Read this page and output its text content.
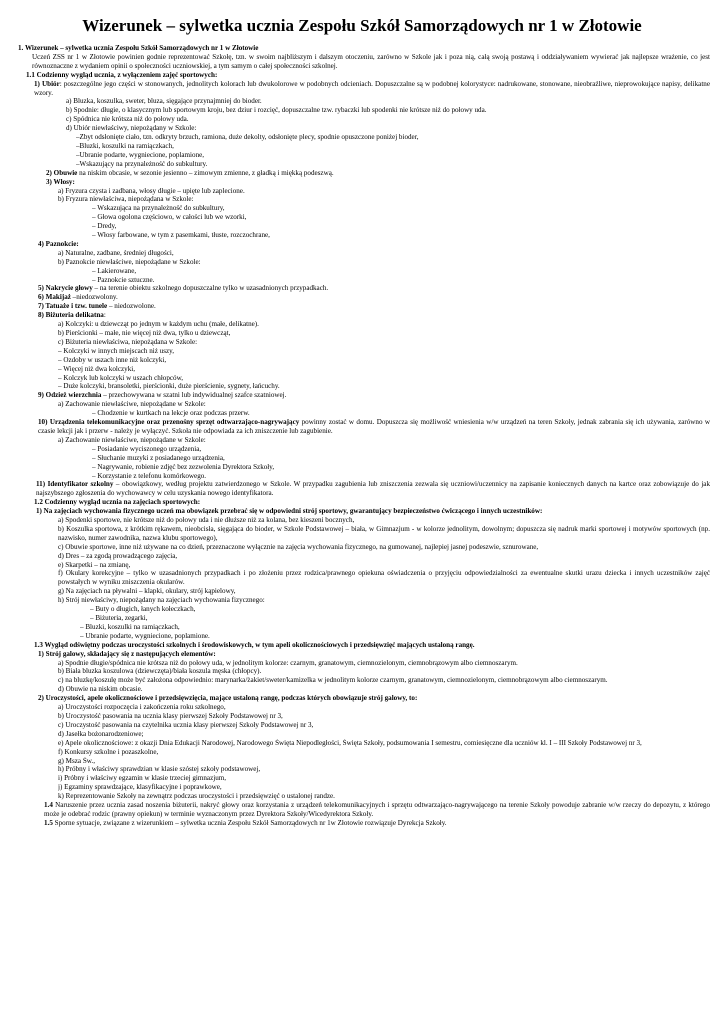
Wizerunek – sylwetka ucznia Zespołu Szkół Samorządowych nr 1 w Złotowie
1. Wizerunek – sylwetka ucznia Zespołu Szkół Samorządowych nr 1 w Złotowie
Uczeń ZSS nr 1 w Złotowie powinien godnie reprezentować Szkołę, tzn. w swoim najbliższym i dalszym otoczeniu, zarówno w Szkole jak i poza nią, całą swoją postawą i oddziaływaniem wywierać jak najlepsze wrażenie, co jest równoznaczne z wydaniem opinii o społeczności uczniowskiej, a tym samym o całej społeczności szkolnej.
1.1 Codzienny wygląd ucznia, z wyłączeniem zajęć sportowych:
1) Ubiór: poszczególne jego części w stonowanych, jednolitych kolorach lub dwukolorowe w podobnych odcieniach. Dopuszczalne są w podobnej kolorystyce: nadrukowane, stonowane, nieobraźliwe, nieprowokujące napisy, delikatne wzory.
a) Bluzka, koszulka, sweter, bluza, sięgające przynajmniej do bioder.
b) Spodnie: długie, o klasycznym lub sportowym kroju, bez dziur i rozcięć, dopuszczalne tzw. rybaczki lub spodenki nie krótsze niż do połowy uda.
c) Spódnica nie krótsza niż do połowy uda.
d) Ubiór niewłaściwy, niepożądany w Szkole:
–Zbyt odsłonięte ciało, tzn. odkryty brzuch, ramiona, duże dekolty, odsłonięte plecy, spodnie opuszczone poniżej bioder,
–Bluzki, koszulki na ramiączkach,
–Ubranie podarte, wygniecione, poplamione,
–Wskazujący na przynależność do subkultury.
2) Obuwie na niskim obcasie, w sezonie jesienno – zimowym zmienne, z gładką i miękką podeszwą.
3) Włosy:
a) Fryzura czysta i zadbana, włosy długie – upięte lub zaplecione.
b) Fryzura niewłaściwa, niepożądana w Szkole:
– Wskazująca na przynależność do subkultury,
– Głowa ogolona częściowo, w całości lub we wzorki,
– Dredy,
– Włosy farbowane, w tym z pasemkami, tłuste, rozczochrane,
4) Paznokcie:
a) Naturalne, zadbane, średniej długości,
b) Paznokcie niewłaściwe, niepożądane w Szkole:
– Lakierowane,
– Paznokcie sztuczne.
5) Nakrycie głowy – na terenie obiektu szkolnego dopuszczalne tylko w uzasadnionych przypadkach.
6) Makijaż –niedozwolony.
7) Tatuaże i tzw. tunele – niedozwolone.
8) Biżuteria delikatna:
a) Kolczyki: u dziewcząt po jednym w każdym uchu (małe, delikatne).
b) Pierścionki – małe, nie więcej niż dwa, tylko u dziewcząt,
c) Biżuteria niewłaściwa, niepożądana w Szkole:
– Kolczyki w innych miejscach niż uszy,
– Ozdoby w uszach inne niż kolczyki,
– Więcej niż dwa kolczyki,
– Kolczyk lub kolczyki w uszach chłopców,
– Duże kolczyki, bransoletki, pierścionki, duże pierścienie, sygnety, łańcuchy.
9) Odzież wierzchnia – przechowywana w szatni lub indywidualnej szafce szatniowej.
a) Zachowanie niewłaściwe, niepożądane w Szkole:
– Chodzenie w kurtkach na lekcje oraz podczas przerw.
10) Urządzenia telekomunikacyjne oraz przenośny sprzęt odtwarzająco-nagrywający powinny zostać w domu. Dopuszcza się możliwość wniesienia w/w urządzeń na teren Szkoły, jednak zabrania się ich używania, zarówno w czasie lekcji jak i przerw - należy je wyłączyć. Szkoła nie odpowiada za ich zniszczenie lub zagubienie.
a) Zachowanie niewłaściwe, niepożądane w Szkole:
– Posiadanie wyciszonego urządzenia,
– Słuchanie muzyki z posiadanego urządzenia,
– Nagrywanie, robienie zdjęć bez zezwolenia Dyrektora Szkoły,
– Korzystanie z telefonu komórkowego.
11) Identyfikator szkolny – obowiązkowy, według projektu zatwierdzonego w Szkole. W przypadku zagubienia lub zniszczenia zezwala się uczniowi/uczennicy na zapisanie koniecznych danych na kartce oraz zobowiązuje do jak najszybszego zgłoszenia do wychowawcy w celu uzyskania nowego identyfikatora.
1.2 Codzienny wygląd ucznia na zajęciach sportowych:
1) Na zajęciach wychowania fizycznego uczeń ma obowiązek przebrać się w odpowiedni strój sportowy, gwarantujący bezpieczeństwo ćwiczącego i innych uczestników:
a) Spodenki sportowe, nie krótsze niż do połowy uda i nie dłuższe niż za kolana, bez kieszeni bocznych,
b) Koszulka sportowa, z krótkim rękawem, nieobcisła, sięgająca do bioder, w Szkole Podstawowej – biała, w Gimnazjum - w kolorze jednolitym, dowolnym; dopuszcza się nadruk marki sportowej i motywów sportowych (np. nazwisko, numer zawodnika, nazwa klubu sportowego),
c) Obuwie sportowe, inne niż używane na co dzień, przeznaczone wyłącznie na zajęcia wychowania fizycznego, na gumowanej, najlepiej jasnej podeszwie, sznurowane,
d) Dres – za zgodą prowadzącego zajęcia,
e) Skarpetki – na zmianę,
f) Okulary korekcyjne – tylko w uzasadnionych przypadkach i po złożeniu przez rodzica/prawnego opiekuna oświadczenia o przyjęciu odpowiedzialności za ewentualne skutki urazu dziecka i innych uczestników zajęć powstałych w wyniku zniszczenia okularów.
g) Na zajęciach na pływalni – klapki, okulary, strój kąpielowy,
h) Strój niewłaściwy, niepożądany na zajęciach wychowania fizycznego:
– Buty o długich, łanych kołeczkach,
– Biżuteria, zegarki,
– Bluzki, koszulki na ramiączkach,
– Ubranie podarte, wygniecione, poplamione.
1.3 Wygląd odświętny podczas uroczystości szkolnych i środowiskowych, w tym apeli okolicznościowych i przedsięwzięć mających ustaloną rangę.
1) Strój galowy, składający się z następujących elementów:
a) Spodnie długie/spódnica nie krótsza niż do połowy uda, w jednolitym kolorze: czarnym, granatowym, ciemnozielonym, ciemnobrązowym albo ciemnoszarym.
b) Biała bluzka koszulowa (dziewczęta)/biała koszula męska (chłopcy).
c) na bluzkę/koszulę może być założona odpowiednio: marynarka/żakiet/sweter/kamizelka w jednolitym kolorze czarnym, granatowym, ciemnozielonym, ciemnobrązowym albo ciemnoszarym.
d) Obuwie na niskim obcasie.
2) Uroczystości, apele okolicznościowe i przedsięwzięcia, mające ustaloną rangę, podczas których obowiązuje strój galowy, to:
a) Uroczystości rozpoczęcia i zakończenia roku szkolnego,
b) Uroczystość pasowania na ucznia klasy pierwszej Szkoły Podstawowej nr 3,
c) Uroczystość pasowania na czytelnika ucznia klasy pierwszej Szkoły Podstawowej nr 3,
d) Jasełka bożonarodzeniowe;
e) Apele okolicznościowe: z okazji Dnia Edukacji Narodowej, Narodowego Święta Niepodległości, Święta Szkoły, podsumowania I semestru, comiesięczne dla uczniów kl. I – III Szkoły Podstawowej nr 3,
f) Konkursy szkolne i pozaszkolne,
g) Msza Św.,
h) Próbny i właściwy sprawdzian w klasie szóstej szkoły podstawowej,
i) Próbny i właściwy egzamin w klasie trzeciej gimnazjum,
j) Egzaminy sprawdzające, klasyfikacyjne i poprawkowe,
k) Reprezentowanie Szkoły na zewnątrz podczas uroczystości i przedsięwzięć o ustalonej randze.
1.4 Naruszenie przez ucznia zasad noszenia biżuterii, nakryć głowy oraz korzystania z urządzeń telekomunikacyjnych i sprzętu odtwarzająco-nagrywającego na terenie Szkoły powoduje zabranie w/w rzeczy do depozytu, z którego może je odebrać rodzic (prawny opiekun) w terminie wyznaczonym przez Dyrektora Szkoły/Wicedyrektora Szkoły.
1.5 Sporne sytuacje, związane z wizerunkiem – sylwetka ucznia Zespołu Szkół Samorządowych nr 1w Złotowie rozwiązuje Dyrekcja Szkoły.
